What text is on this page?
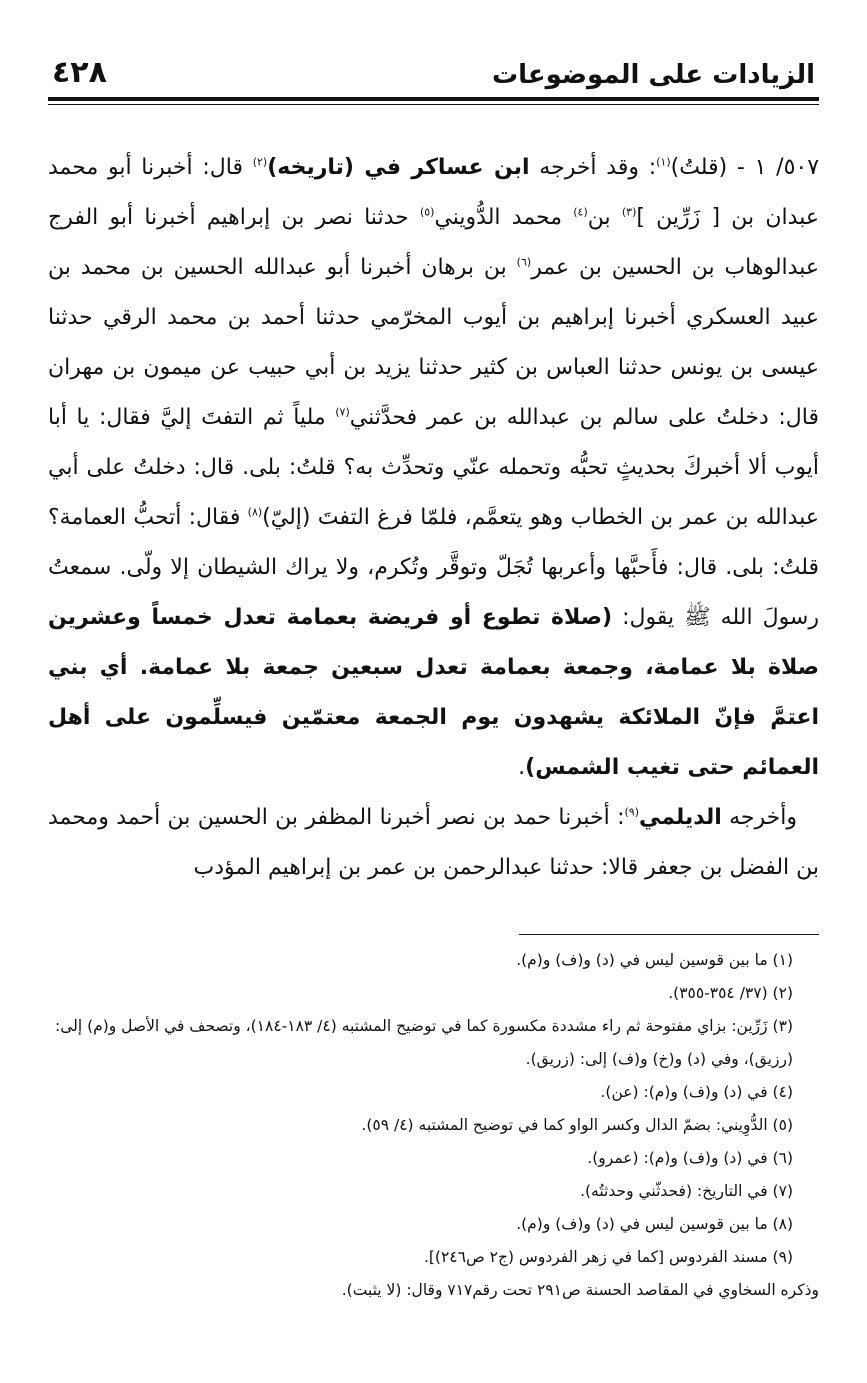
الزيادات على الموضوعات
٤٢٨

٥٠٧/ ١ - (قلتُ)$^{(١)}$: وقد أخرجه ابن عساكر في (تاريخه)$^{(٢)}$ قال: أخبرنا أبو محمد عبدان بن [ زَرِّين ]$^{(٣)}$ بن$^{(٤)}$ محمد الدُّويني$^{(٥)}$ حدثنا نصر بن إبراهيم أخبرنا أبو الفرج عبدالوهاب بن الحسين بن عمر$^{(٦)}$ بن برهان أخبرنا أبو عبدالله الحسين بن محمد بن عبيد العسكري أخبرنا إبراهيم بن أيوب المخرّمي حدثنا أحمد بن محمد الرقي حدثنا عيسى بن يونس حدثنا العباس بن كثير حدثنا يزيد بن أبي حبيب عن ميمون بن مهران قال: دخلتُ على سالم بن عبدالله بن عمر فحدَّثني$^{(٧)}$ ملياً ثم التفتَ إليَّ فقال: يا أبا أيوب ألا أخبركَ بحديثٍ تحبُّه وتحمله عنّي وتحدِّث به؟ قلتُ: بلى. قال: دخلتُ على أبي عبدالله بن عمر بن الخطاب وهو يتعمَّم، فلمّا فرغ التفتَ (إليّ)$^{(٨)}$ فقال: أتحبُّ العمامة؟ قلتُ: بلى. قال: فأَحبَّها وأعربها تُجَلّ وتوقَّر وتُكرم، ولا يراك الشيطان إلا ولّى. سمعتُ رسولَ الله ﷺ يقول: (صلاة تطوع أو فريضة بعمامة تعدل خمساً وعشرين صلاة بلا عمامة، وجمعة بعمامة تعدل سبعين جمعة بلا عمامة. أي بني اعتمَّ فإنّ الملائكة يشهدون يوم الجمعة معتمّين فيسلِّمون على أهل العمائم حتى تغيب الشمس).

وأخرجه الديلمي$^{(٩)}$: أخبرنا حمد بن نصر أخبرنا المظفر بن الحسين بن أحمد ومحمد بن الفضل بن جعفر قالا: حدثنا عبدالرحمن بن عمر بن إبراهيم المؤدب

(١) ما بين قوسين ليس في (د) و(ف) و(م).

(٢) (٣٧/ ٣٥٤-٣٥٥).

(٣) زَرِّين: بزاي مفتوحة ثم راء مشددة مكسورة كما في توضيح المشتبه (٤/ ١٨٣-١٨٤)، وتصحف في الأصل و(م) إلى: (رزيق)، وفي (د) و(خ) و(ف) إلى: (زريق).

(٤) في (د) و(ف) و(م): (عن).

(٥) الدُّوِيني: بضمّ الدال وكسر الواو كما في توضيح المشتبه (٤/ ٥٩).

(٦) في (د) و(ف) و(م): (عمرو).

(٧) في التاريخ: (فحدثّني وحدثتُه).

(٨) ما بين قوسين ليس في (د) و(ف) و(م).

(٩) مسند الفردوس [كما في زهر الفردوس (ج٢ ص٢٤٦)].

وذكره السخاوي في المقاصد الحسنة ص٢٩١ تحت رقم٧١٧ وقال: (لا يثبت).
